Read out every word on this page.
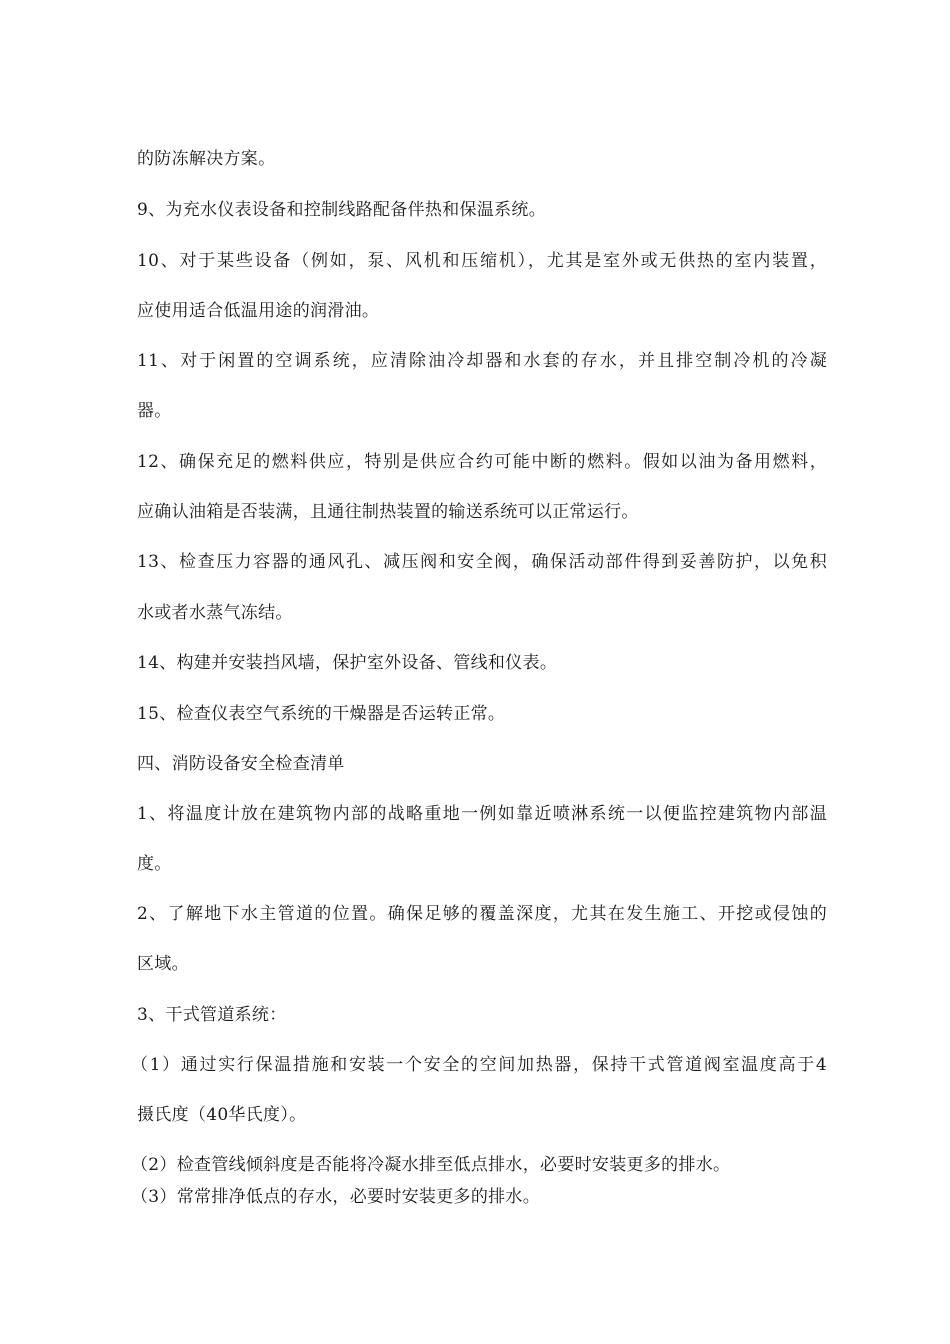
的防冻解决方案。
9、为充水仪表设备和控制线路配备伴热和保温系统。
10、对于某些设备（例如，泵、风机和压缩机），尤其是室外或无供热的室内装置，
应使用适合低温用途的润滑油。
11、对于闲置的空调系统，应清除油冷却器和水套的存水，并且排空制冷机的冷凝
器。
12、确保充足的燃料供应，特别是供应合约可能中断的燃料。假如以油为备用燃料，
应确认油箱是否装满，且通往制热装置的输送系统可以正常运行。
13、检查压力容器的通风孔、减压阀和安全阀，确保活动部件得到妥善防护，以免积
水或者水蒸气冻结。
14、构建并安装挡风墙，保护室外设备、管线和仪表。
15、检查仪表空气系统的干燥器是否运转正常。
四、消防设备安全检查清单
1、将温度计放在建筑物内部的战略重地一例如靠近喷淋系统一以便监控建筑物内部温
度。
2、了解地下水主管道的位置。确保足够的覆盖深度，尤其在发生施工、开挖或侵蚀的
区域。
3、干式管道系统：
（1）通过实行保温措施和安装一个安全的空间加热器，保持干式管道阀室温度高于4
摄氏度（40华氏度）。
（2）检查管线倾斜度是否能将冷凝水排至低点排水，必要时安装更多的排水。
（3）常常排净低点的存水，必要时安装更多的排水。
